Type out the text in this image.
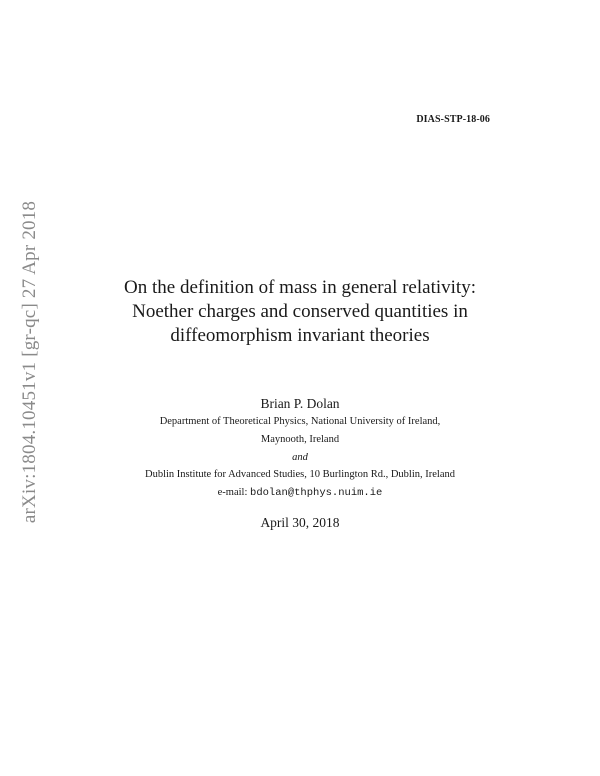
DIAS-STP-18-06
arXiv:1804.10451v1 [gr-qc] 27 Apr 2018	On the definition of mass in general relativity:
Noether charges and conserved quantities in
diffeomorphism invariant theories
Brian P. Dolan
Department of Theoretical Physics, National University of Ireland,
Maynooth, Ireland
and
Dublin Institute for Advanced Studies, 10 Burlington Rd., Dublin, Ireland
e-mail: bdolan@thphys.nuim.ie
April 30, 2018
